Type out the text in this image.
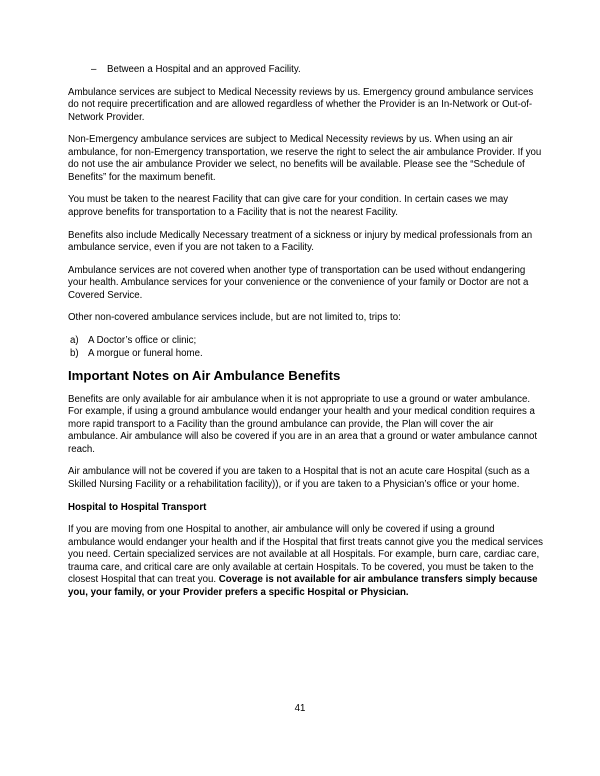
–	Between a Hospital and an approved Facility.

Ambulance services are subject to Medical Necessity reviews by us. Emergency ground ambulance services do not require precertification and are allowed regardless of whether the Provider is an In-Network or Out-of-Network Provider.

Non-Emergency ambulance services are subject to Medical Necessity reviews by us. When using an air ambulance, for non-Emergency transportation, we reserve the right to select the air ambulance Provider. If you do not use the air ambulance Provider we select, no benefits will be available. Please see the “Schedule of Benefits” for the maximum benefit.

You must be taken to the nearest Facility that can give care for your condition. In certain cases we may approve benefits for transportation to a Facility that is not the nearest Facility.

Benefits also include Medically Necessary treatment of a sickness or injury by medical professionals from an ambulance service, even if you are not taken to a Facility.

Ambulance services are not covered when another type of transportation can be used without endangering your health. Ambulance services for your convenience or the convenience of your family or Doctor are not a Covered Service.

Other non-covered ambulance services include, but are not limited to, trips to:

a) A Doctor’s office or clinic;
b) A morgue or funeral home.
Important Notes on Air Ambulance Benefits

Benefits are only available for air ambulance when it is not appropriate to use a ground or water ambulance. For example, if using a ground ambulance would endanger your health and your medical condition requires a more rapid transport to a Facility than the ground ambulance can provide, the Plan will cover the air ambulance. Air ambulance will also be covered if you are in an area that a ground or water ambulance cannot reach.

Air ambulance will not be covered if you are taken to a Hospital that is not an acute care Hospital (such as a Skilled Nursing Facility or a rehabilitation facility)), or if you are taken to a Physician’s office or your home.

Hospital to Hospital Transport

If you are moving from one Hospital to another, air ambulance will only be covered if using a ground ambulance would endanger your health and if the Hospital that first treats cannot give you the medical services you need. Certain specialized services are not available at all Hospitals. For example, burn care, cardiac care, trauma care, and critical care are only available at certain Hospitals. To be covered, you must be taken to the closest Hospital that can treat you. Coverage is not available for air ambulance transfers simply because you, your family, or your Provider prefers a specific Hospital or Physician.

41
